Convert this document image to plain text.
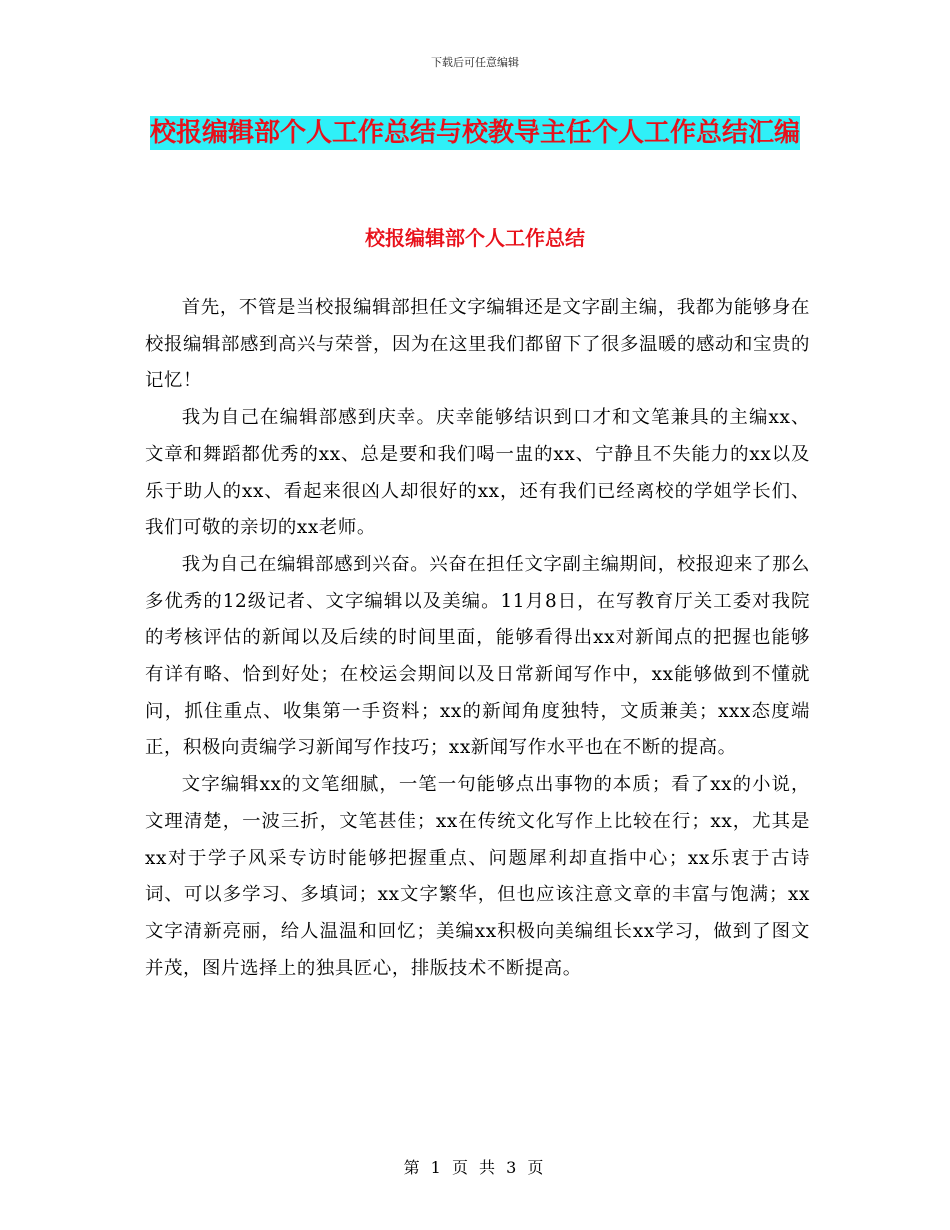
下载后可任意编辑
校报编辑部个人工作总结与校教导主任个人工作总结汇编
校报编辑部个人工作总结

首先，不管是当校报编辑部担任文字编辑还是文字副主编，我都为能够身在校报编辑部感到高兴与荣誉，因为在这里我们都留下了很多温暖的感动和宝贵的记忆！

我为自己在编辑部感到庆幸。庆幸能够结识到口才和文笔兼具的主编xx、文章和舞蹈都优秀的xx、总是要和我们喝一盅的xx、宁静且不失能力的xx以及乐于助人的xx、看起来很凶人却很好的xx，还有我们已经离校的学姐学长们、我们可敬的亲切的xx老师。

我为自己在编辑部感到兴奋。兴奋在担任文字副主编期间，校报迎来了那么多优秀的12级记者、文字编辑以及美编。11月8日，在写教育厅关工委对我院的考核评估的新闻以及后续的时间里面，能够看得出xx对新闻点的把握也能够有详有略、恰到好处；在校运会期间以及日常新闻写作中，xx能够做到不懂就问，抓住重点、收集第一手资料；xx的新闻角度独特，文质兼美；xxx态度端正，积极向责编学习新闻写作技巧；xx新闻写作水平也在不断的提高。

文字编辑xx的文笔细腻，一笔一句能够点出事物的本质；看了xx的小说，文理清楚，一波三折，文笔甚佳；xx在传统文化写作上比较在行；xx，尤其是xx对于学子风采专访时能够把握重点、问题犀利却直指中心；xx乐衷于古诗词、可以多学习、多填词；xx文字繁华，但也应该注意文章的丰富与饱满；xx文字清新亮丽，给人温温和回忆；美编xx积极向美编组长xx学习，做到了图文并茂，图片选择上的独具匠心，排版技术不断提高。

第 1 页 共 3 页
